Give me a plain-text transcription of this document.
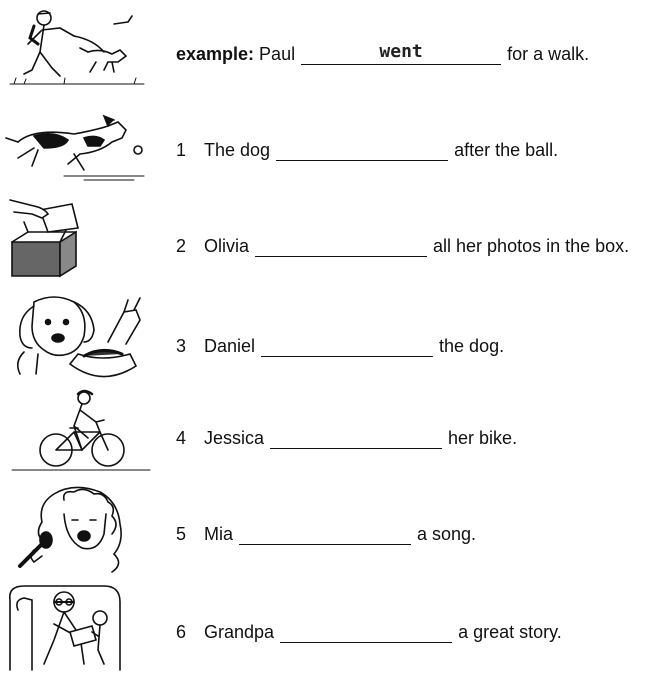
example: Paul	went	for a walk.
1 The dog	after the ball.
2 Olivia	all her photos in the box.
3 Daniel	the dog.
4 Jessica	her bike.
5 Mia	a song.
6 Grandpa	a great story.
